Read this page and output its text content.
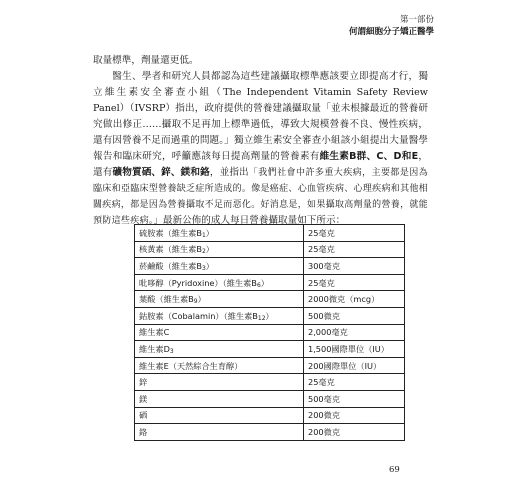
第一部份
何謂細胞分子矯正醫學

取量標準，劑量還更低。

醫生、學者和研究人員都認為這些建議攝取標準應該要立即提高才行，獨立維生素安全審查小組（The Independent Vitamin Safety Review Panel）（IVSRP）指出，政府提供的營養建議攝取量「並未根據最近的營養研究做出修正……攝取不足再加上標準過低，導致大規模營養不良、慢性疾病，還有因營養不足而過重的問題。」獨立維生素安全審查小組該小組提出大量醫學報告和臨床研究，呼籲應該每日提高劑量的營養素有維生素B群、C、D和E，還有礦物質硒、鋅、鎂和鉻，並指出「我們社會中許多重大疾病，主要都是因為臨床和亞臨床型營養缺乏症所造成的。像是癌症、心血管疾病、心理疾病和其他相關疾病，都是因為營養攝取不足而惡化。好消息是，如果攝取高劑量的營養，就能預防這些疾病。」最新公佈的成人每日營養攝取量如下所示：

硫胺素（維生素$B_1$）	25毫克
核黃素（維生素$B_2$）	25毫克
菸鹼酸（維生素$B_3$）	300毫克
吡哆醇（Pyridoxine）（維生素$B_6$）	25毫克
葉酸（維生素$B_9$）	2000微克（mcg）
鈷胺素（Cobalamin）（維生素$B_{12}$）	500微克
維生素C	2,000毫克
維生素$D_3$	1,500國際單位（IU）
維生素E（天然綜合生育醇）	200國際單位（IU）
鋅	25毫克
鎂	500毫克
硒	200微克
鉻	200微克
69
